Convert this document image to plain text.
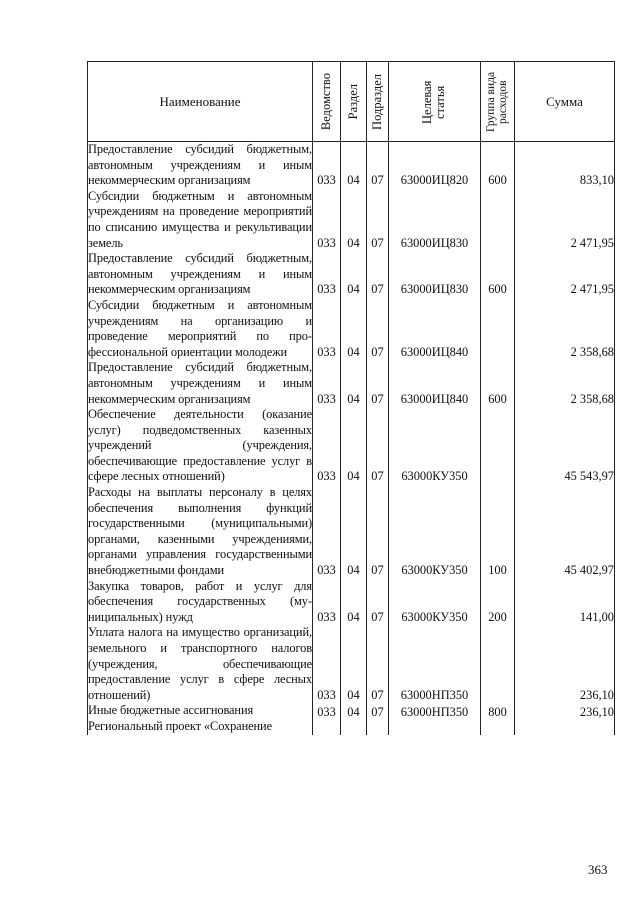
Наименование	Ведомство	Раздел	Подраздел	Целевая статья	Группа вида расходов	Сумма
Предоставление субсидий бюджетным, автономным учреждениям и иным некоммерческим организациям	033	04	07	63000ИЦ820	600	833,10
Субсидии бюджетным и автономным учреждениям на проведение мероприятий по списанию имущества и рекультивации земель	033	04	07	63000ИЦ830		2 471,95
Предоставление субсидий бюджетным, автономным учреждениям и иным некоммерческим организациям	033	04	07	63000ИЦ830	600	2 471,95
Субсидии бюджетным и автономным учреждениям на организацию и проведение мероприятий по профессиональной ориентации молодежи	033	04	07	63000ИЦ840		2 358,68
Предоставление субсидий бюджетным, автономным учреждениям и иным некоммерческим организациям	033	04	07	63000ИЦ840	600	2 358,68
Обеспечение деятельности (оказание услуг) подведомственных казенных учреждений (учреждения, обеспечивающие предоставление услуг в сфере лесных отношений)	033	04	07	63000КУ350		45 543,97
Расходы на выплаты персоналу в целях обеспечения выполнения функций государственными (муниципальными) органами, казенными учреждениями, органами управления государственными внебюджетными фондами	033	04	07	63000КУ350	100	45 402,97
Закупка товаров, работ и услуг для обеспечения государственных (муниципальных) нужд	033	04	07	63000КУ350	200	141,00
Уплата налога на имущество организаций, земельного и транспортного налогов (учреждения, обеспечивающие предоставление услуг в сфере лесных отношений)	033	04	07	63000НП350		236,10
Иные бюджетные ассигнования	033	04	07	63000НП350	800	236,10
Региональный проект «Сохранение						
363
